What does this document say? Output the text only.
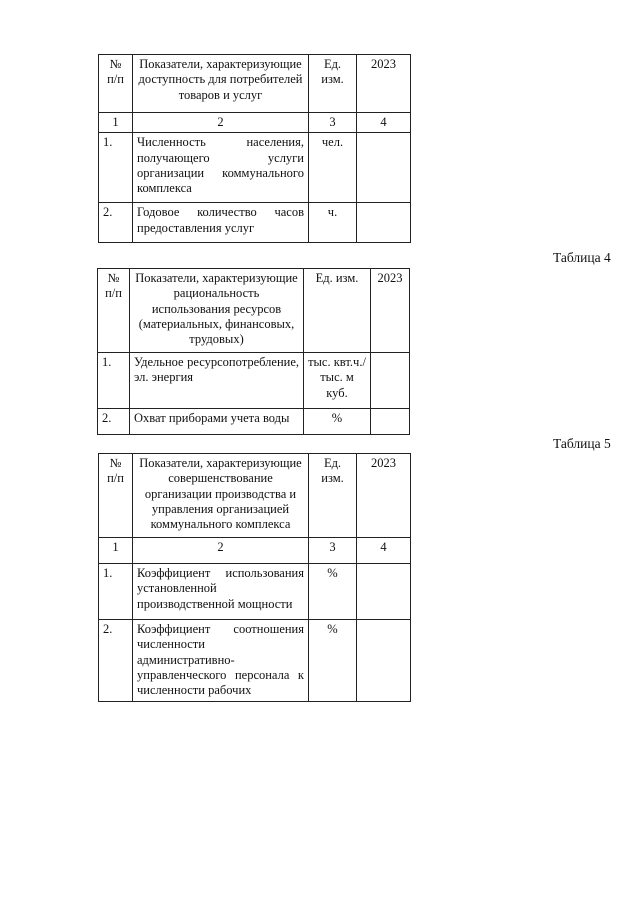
№ п/п	Показатели, характеризующие доступность для потребителей товаров и услуг	Ед. изм.	2023
1	2	3	4
1.	Численность населения, получающего услуги организации коммунального комплекса	чел.	
2.	Годовое количество часов предоставления услуг	ч.	
Таблица 4
№ п/п	Показатели, характеризующие рациональность использования ресурсов (материальных, финансовых, трудовых)	Ед. изм.	2023
1.	Удельное ресурсопотребление, эл. энергия	тыс. квт.ч./тыс. м куб.	
2.	Охват приборами учета воды	%	
Таблица 5
№ п/п	Показатели, характеризующие совершенствование организации производства и управления организацией коммунального комплекса	Ед. изм.	2023
1	2	3	4
1.	Коэффициент использования установленной производственной мощности	%	
2.	Коэффициент соотношения численности административно-управленческого персонала к численности рабочих	%	
